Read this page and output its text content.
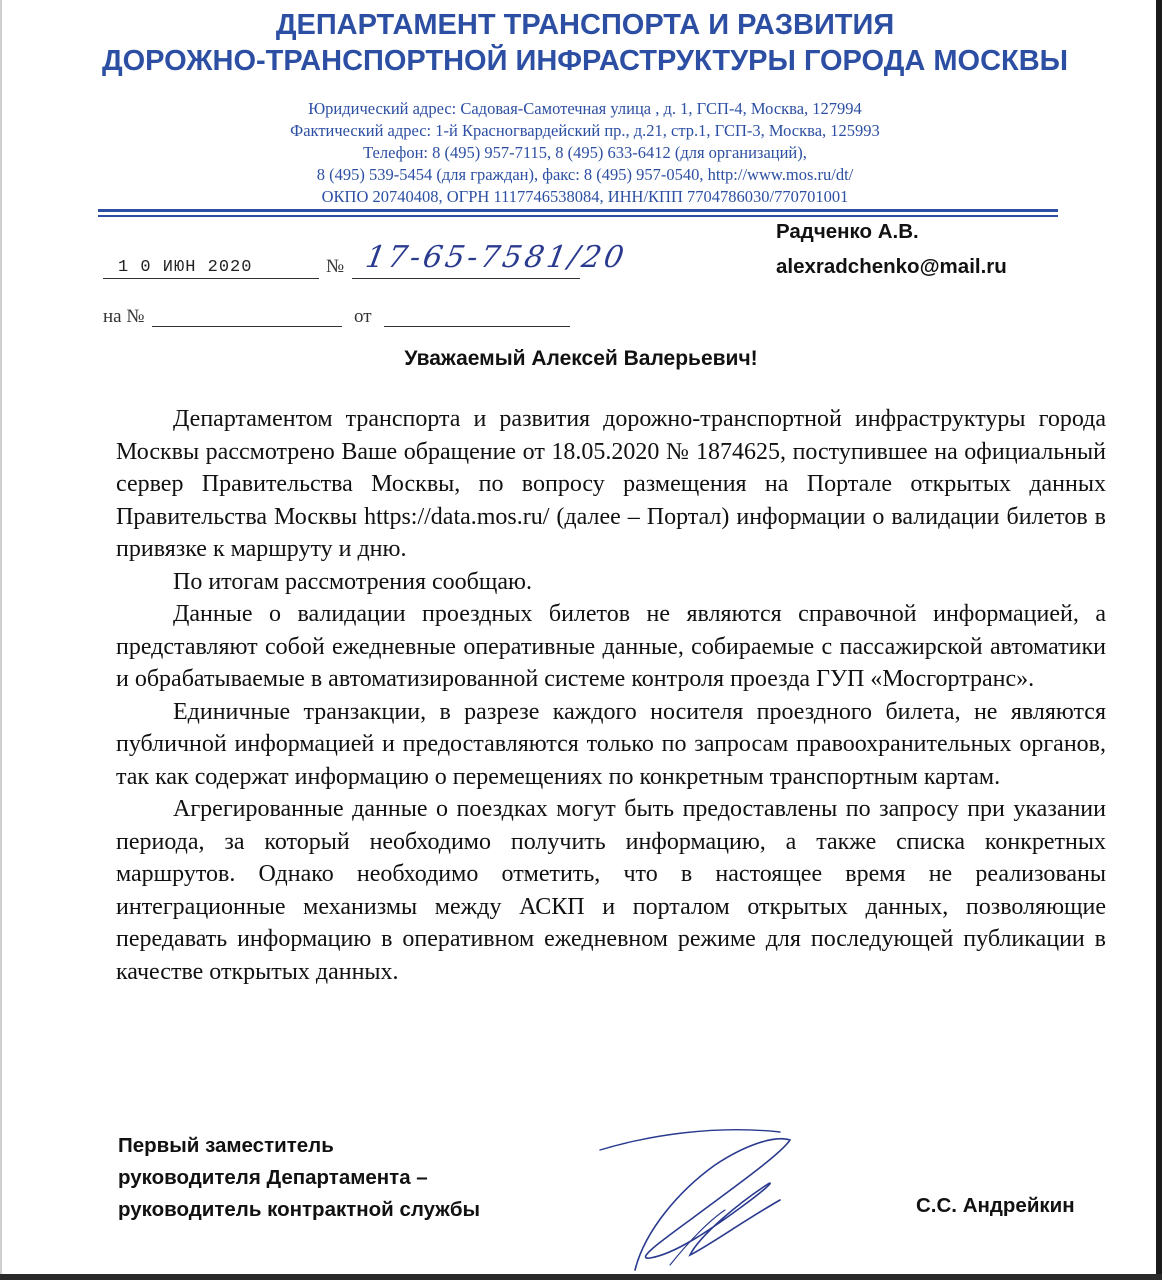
ДЕПАРТАМЕНТ ТРАНСПОРТА И РАЗВИТИЯ
ДОРОЖНО-ТРАНСПОРТНОЙ ИНФРАСТРУКТУРЫ ГОРОДА МОСКВЫ
Юридический адрес: Садовая-Самотечная улица , д. 1, ГСП-4, Москва, 127994
Фактический адрес: 1-й Красногвардейский пр., д.21, стр.1, ГСП-3, Москва, 125993
Телефон: 8 (495) 957-7115, 8 (495) 633-6412 (для организаций),
8 (495) 539-5454 (для граждан), факс: 8 (495) 957-0540, http://www.mos.ru/dt/
ОКПО 20740408, ОГРН 1117746538084, ИНН/КПП 7704786030/770701001
Радченко А.В.
alexradchenko@mail.ru
1 0 ИЮН 2020	№ 17-65-7581/20
на №	от
Уважаемый Алексей Валерьевич!

Департаментом транспорта и развития дорожно-транспортной инфраструктуры города Москвы рассмотрено Ваше обращение от 18.05.2020 № 1874625, поступившее на официальный сервер Правительства Москвы, по вопросу размещения на Портале открытых данных Правительства Москвы https://data.mos.ru/ (далее – Портал) информации о валидации билетов в привязке к маршруту и дню.

По итогам рассмотрения сообщаю.

Данные о валидации проездных билетов не являются справочной информацией, а представляют собой ежедневные оперативные данные, собираемые с пассажирской автоматики и обрабатываемые в автоматизированной системе контроля проезда ГУП «Мосгортранс».

Единичные транзакции, в разрезе каждого носителя проездного билета, не являются публичной информацией и предоставляются только по запросам правоохранительных органов, так как содержат информацию о перемещениях по конкретным транспортным картам.

Агрегированные данные о поездках могут быть предоставлены по запросу при указании периода, за который необходимо получить информацию, а также списка конкретных маршрутов. Однако необходимо отметить, что в настоящее время не реализованы интеграционные механизмы между АСКП и порталом открытых данных, позволяющие передавать информацию в оперативном ежедневном режиме для последующей публикации в качестве открытых данных.

Первый заместитель
руководителя Департамента –
руководитель контрактной службы	С.С. Андрейкин
